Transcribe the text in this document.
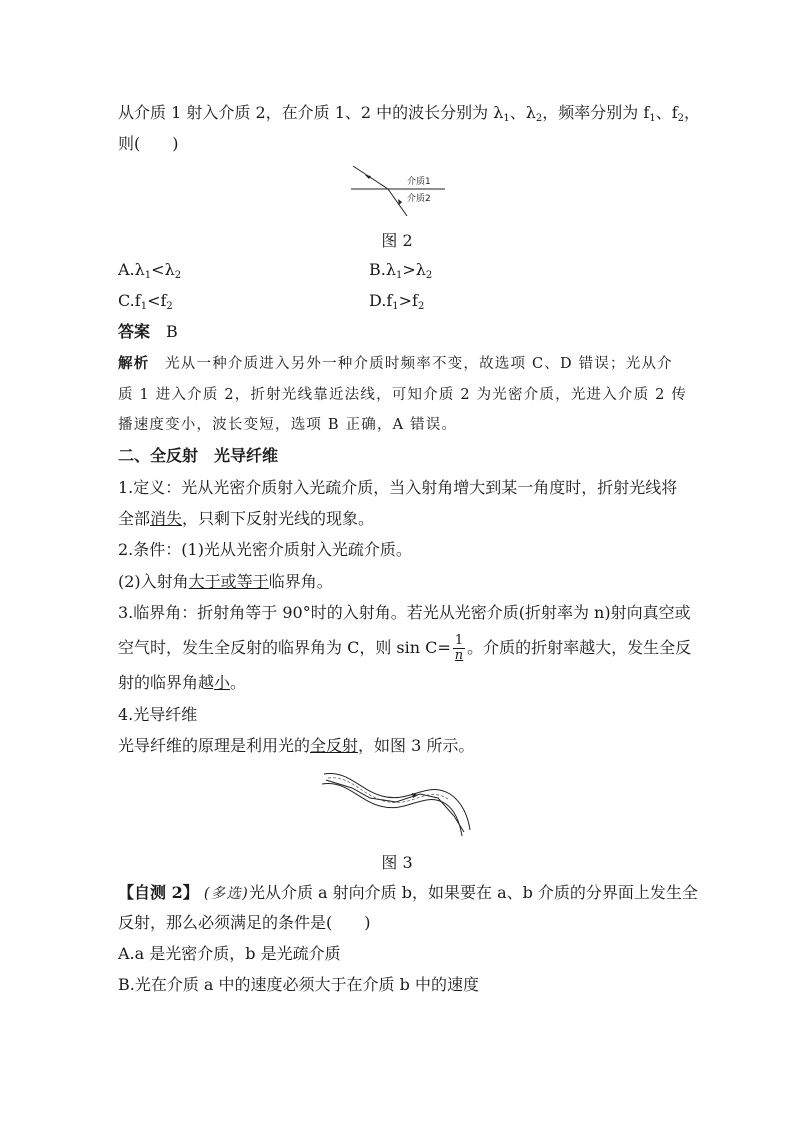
从介质 1 射入介质 2，在介质 1、2 中的波长分别为 $\lambda_1$、$\lambda_2$，频率分别为 $f_1$、$f_2$，
则(　　)
介质1
介质2
图 2
$A.\lambda_1<\lambda_2$	$B.\lambda_1>\lambda_2$
$C.f_1<f_2$	$D.f_1>f_2$
答案　 B
解析　 光从一种介质进入另外一种介质时频率不变，故选项 C、D 错误；光从介
质 1 进入介质 2，折射光线靠近法线，可知介质 2 为光密介质，光进入介质 2 传
播速度变小，波长变短，选项 B 正确，A 错误。
二、全反射　光导纤维
1.定义：光从光密介质射入光疏介质，当入射角增大到某一角度时，折射光线将
全部消失，只剩下反射光线的现象。
2.条件：(1)光从光密介质射入光疏介质。
(2)入射角大于或等于临界角。
3.临界角：折射角等于 90°时的入射角。若光从光密介质(折射率为 n)射向真空或
空气时，发生全反射的临界角为 C，则 $\sin C= \frac{1}{n}$ 。介质的折射率越大，发生全反
射的临界角越小。
4.光导纤维
光导纤维的原理是利用光的全反射，如图 3 所示。
图 3
【自测 2】 (多选)光从介质 a 射向介质 b，如果要在 a、b 介质的分界面上发生全
反射，那么必须满足的条件是(　　)
A.a 是光密介质，b 是光疏介质
B.光在介质 a 中的速度必须大于在介质 b 中的速度
